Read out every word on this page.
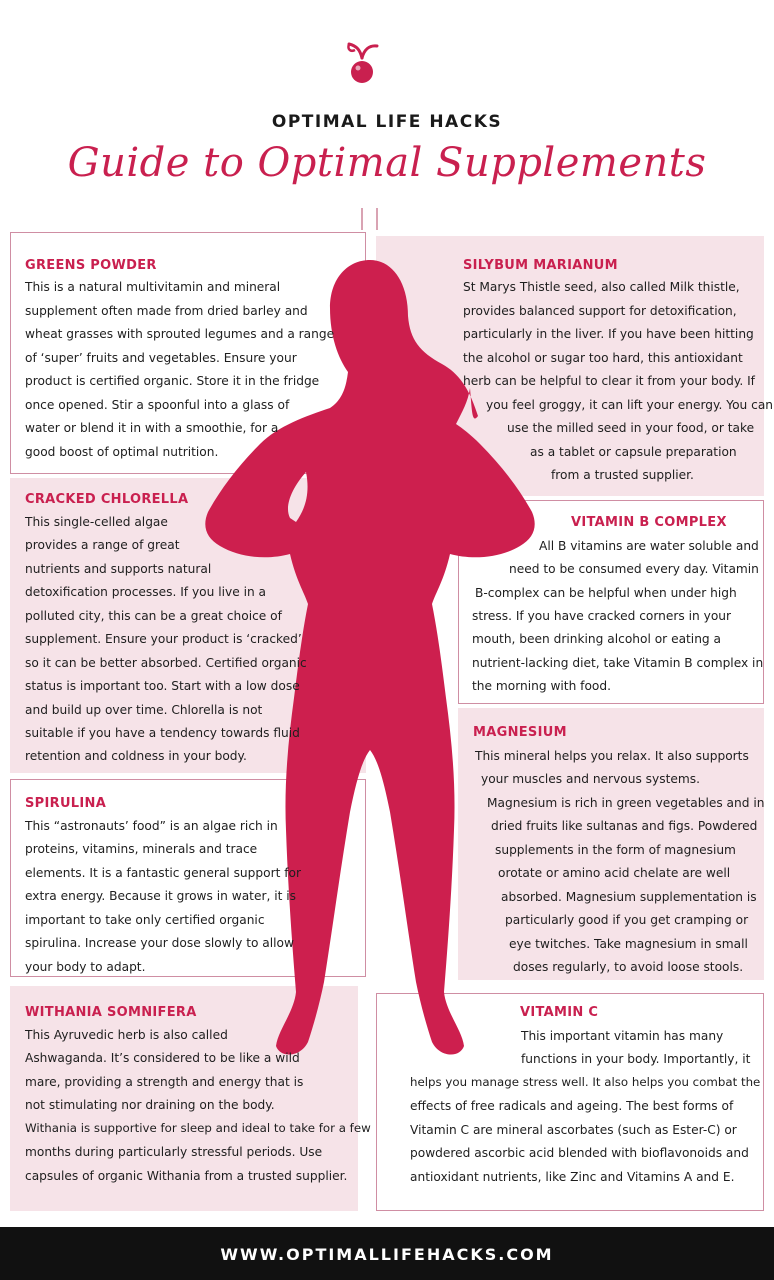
OPTIMAL LIFE HACKS
Guide to Optimal Supplements
GREENS POWDER
This is a natural multivitamin and mineral
supplement often made from dried barley and
wheat grasses with sprouted legumes and a range
of ‘super’ fruits and vegetables. Ensure your
product is certified organic. Store it in the fridge
once opened. Stir a spoonful into a glass of
water or blend it in with a smoothie, for a
good boost of optimal nutrition.
SILYBUM MARIANUM
St Marys Thistle seed, also called Milk thistle,
provides balanced support for detoxification,
particularly in the liver. If you have been hitting
the alcohol or sugar too hard, this antioxidant
herb can be helpful to clear it from your body. If
you feel groggy, it can lift your energy. You can
use the milled seed in your food, or take
as a tablet or capsule preparation
from a trusted supplier.
CRACKED CHLORELLA
This single-celled algae
provides a range of great
nutrients and supports natural
detoxification processes. If you live in a
polluted city, this can be a great choice of
supplement. Ensure your product is ‘cracked’
so it can be better absorbed. Certified organic
status is important too. Start with a low dose
and build up over time. Chlorella is not
suitable if you have a tendency towards fluid
retention and coldness in your body.
VITAMIN B COMPLEX
All B vitamins are water soluble and
need to be consumed every day. Vitamin
B-complex can be helpful when under high
stress. If you have cracked corners in your
mouth, been drinking alcohol or eating a
nutrient-lacking diet, take Vitamin B complex in
the morning with food.
SPIRULINA
This “astronauts’ food” is an algae rich in
proteins, vitamins, minerals and trace
elements. It is a fantastic general support for
extra energy. Because it grows in water, it is
important to take only certified organic
spirulina. Increase your dose slowly to allow
your body to adapt.
MAGNESIUM
This mineral helps you relax. It also supports
your muscles and nervous systems.
Magnesium is rich in green vegetables and in
dried fruits like sultanas and figs. Powdered
supplements in the form of magnesium
orotate or amino acid chelate are well
absorbed. Magnesium supplementation is
particularly good if you get cramping or
eye twitches. Take magnesium in small
doses regularly, to avoid loose stools.
WITHANIA SOMNIFERA
This Ayruvedic herb is also called
Ashwaganda. It’s considered to be like a wild
mare, providing a strength and energy that is
not stimulating nor draining on the body.
Withania is supportive for sleep and ideal to take for a few
months during particularly stressful periods. Use
capsules of organic Withania from a trusted supplier.
VITAMIN C
This important vitamin has many
functions in your body. Importantly, it
helps you manage stress well. It also helps you combat the
effects of free radicals and ageing. The best forms of
Vitamin C are mineral ascorbates (such as Ester-C) or
powdered ascorbic acid blended with bioflavonoids and
antioxidant nutrients, like Zinc and Vitamins A and E.
WWW.OPTIMALLIFEHACKS.COM
